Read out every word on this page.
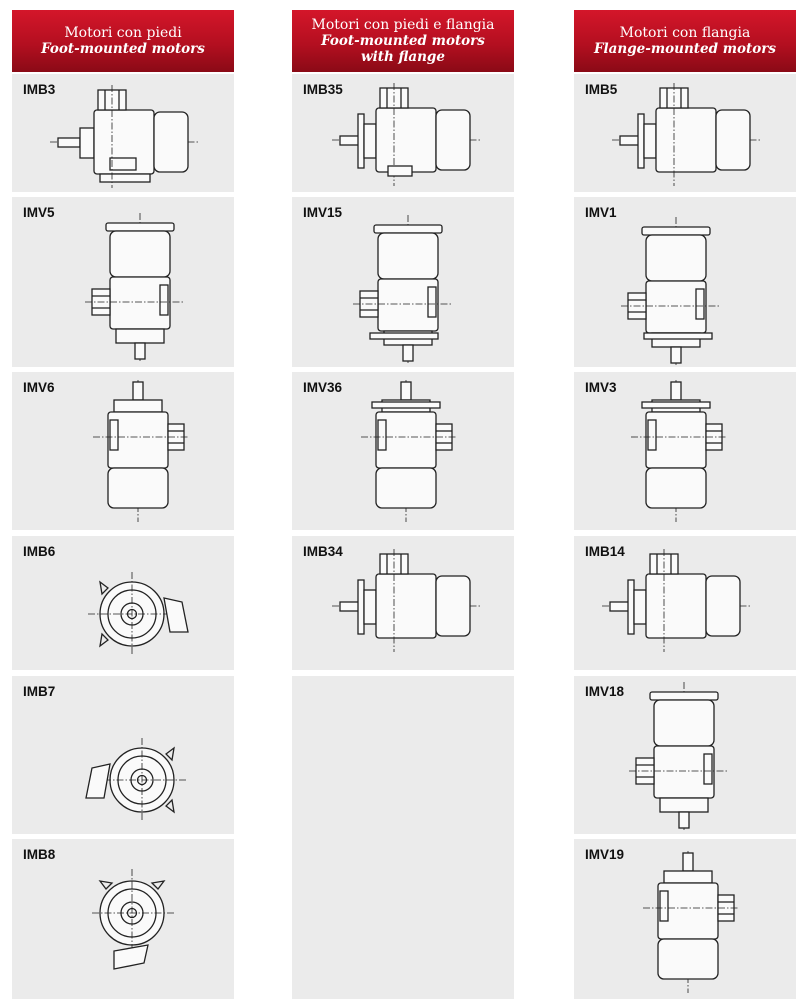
Motori con piedi
Foot-mounted motors
IMB3
IMV5
IMV6
IMB6
IMB7
IMB8
Motori con piedi e flangia
Foot-mounted motors
with flange
IMB35
IMV15
IMV36
IMB34
Motori con flangia
Flange-mounted motors
IMB5
IMV1
IMV3
IMB14
IMV18
IMV19
